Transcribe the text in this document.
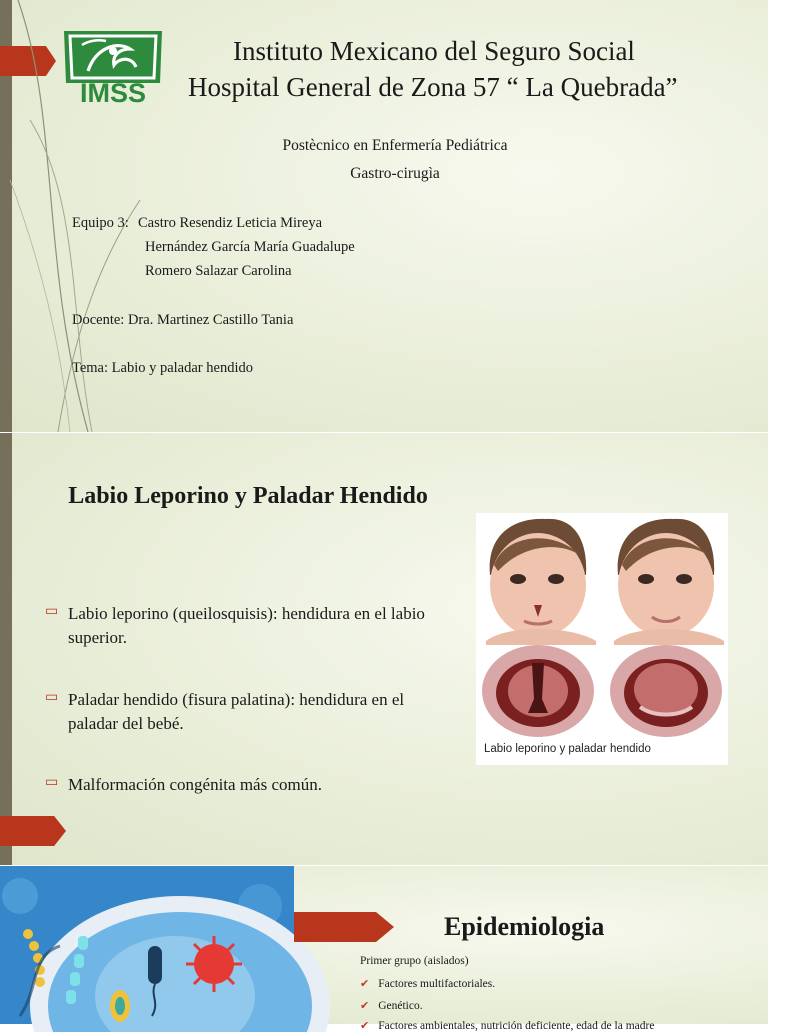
IMSS
Instituto Mexicano del Seguro Social
Hospital General de Zona 57 “ La Quebrada”
Postècnico en Enfermería Pediátrica
Gastro-cirugìa
Equipo 3: Castro Resendiz Leticia Mireya
Hernández García María Guadalupe
Romero Salazar Carolina
Docente: Dra. Martinez Castillo Tania
Tema: Labio y paladar hendido
Labio Leporino y Paladar Hendido
▭ Labio leporino (queilosquisis): hendidura en el labio superior.
▭ Paladar hendido (fisura palatina): hendidura en el paladar del bebé.
▭ Malformación congénita más común.
Labio leporino y paladar hendido
Epidemiologia
Primer grupo (aislados)
✔ Factores multifactoriales.
✔ Genético.
✔ Factores ambientales, nutrición deficiente, edad de la madre
